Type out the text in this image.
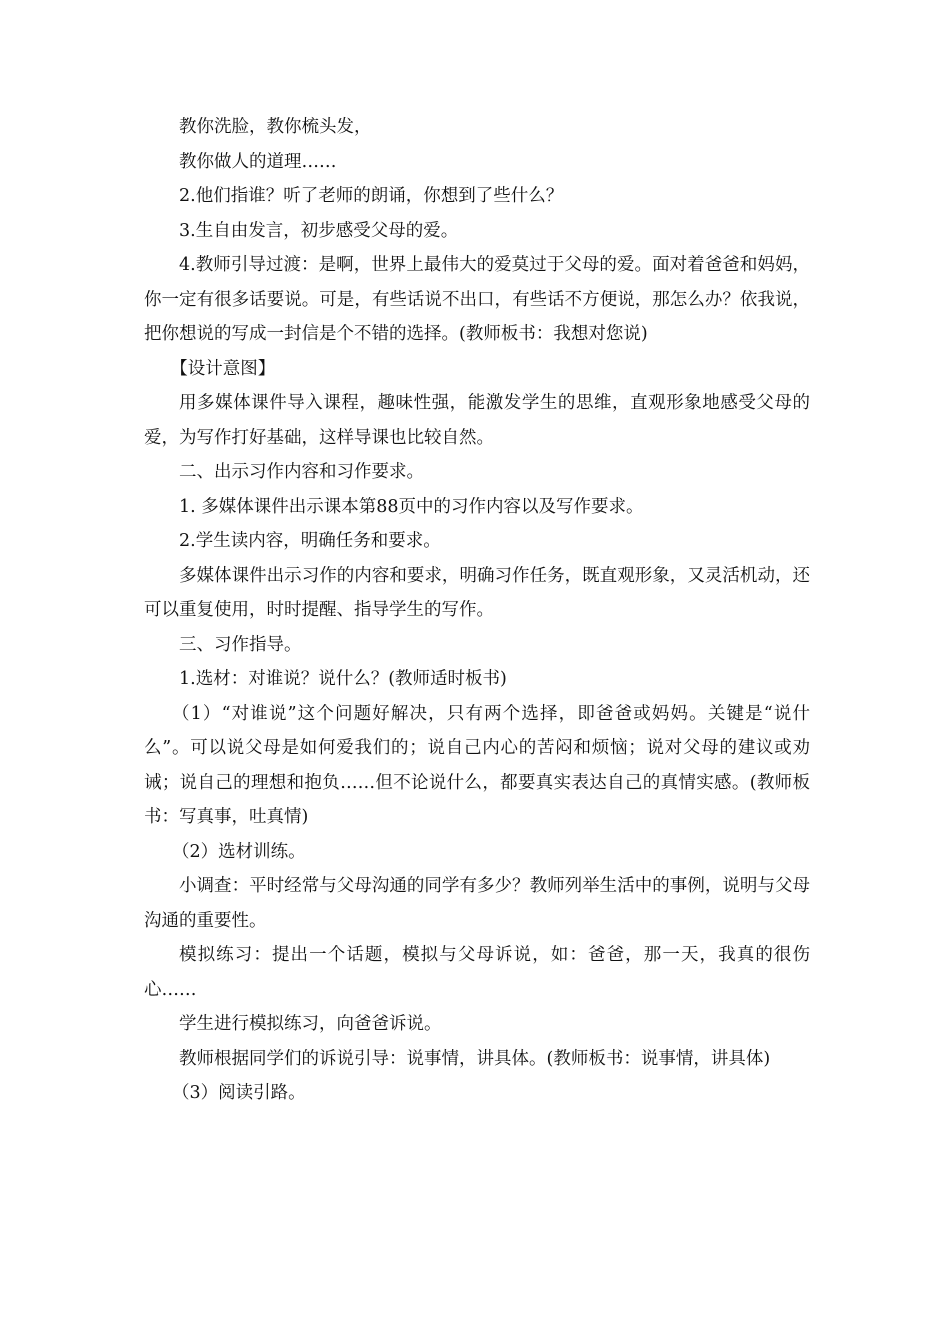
教你洗脸，教你梳头发，

教你做人的道理……

2.他们指谁？听了老师的朗诵，你想到了些什么？

3.生自由发言，初步感受父母的爱。

4.教师引导过渡：是啊，世界上最伟大的爱莫过于父母的爱。面对着爸爸和妈妈，你一定有很多话要说。可是，有些话说不出口，有些话不方便说，那怎么办？依我说，把你想说的写成一封信是个不错的选择。(教师板书：我想对您说)

【设计意图】

用多媒体课件导入课程，趣味性强，能激发学生的思维，直观形象地感受父母的爱，为写作打好基础，这样导课也比较自然。

二、出示习作内容和习作要求。

1. 多媒体课件出示课本第88页中的习作内容以及写作要求。

2.学生读内容，明确任务和要求。

多媒体课件出示习作的内容和要求，明确习作任务，既直观形象，又灵活机动，还可以重复使用，时时提醒、指导学生的写作。

三、习作指导。

1.选材：对谁说？说什么？(教师适时板书)

（1）“对谁说”这个问题好解决，只有两个选择，即爸爸或妈妈。关键是“说什么”。可以说父母是如何爱我们的；说自己内心的苦闷和烦恼；说对父母的建议或劝诫；说自己的理想和抱负……但不论说什么，都要真实表达自己的真情实感。(教师板书：写真事，吐真情)

（2）选材训练。

小调查：平时经常与父母沟通的同学有多少？教师列举生活中的事例，说明与父母沟通的重要性。

模拟练习：提出一个话题，模拟与父母诉说，如：爸爸，那一天，我真的很伤心……

学生进行模拟练习，向爸爸诉说。

教师根据同学们的诉说引导：说事情，讲具体。(教师板书：说事情，讲具体)

（3）阅读引路。
